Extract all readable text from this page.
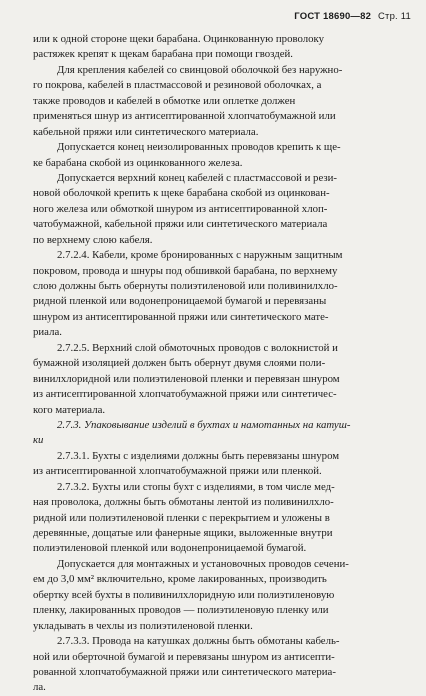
ГОСТ 18690—82 Стр. 11
или к одной стороне щеки барабана. Оцинкованную проволоку
растяжек крепят к щекам барабана при помощи гвоздей.
Для крепления кабелей со свинцовой оболочкой без наружно-
го покрова, кабелей в пластмассовой и резиновой оболочках, а
также проводов и кабелей в обмотке или оплетке должен
применяться шнур из антисептированной хлопчатобумажной или
кабельной пряжи или синтетического материала.
Допускается конец неизолированных проводов крепить к ще-
ке барабана скобой из оцинкованного железа.
Допускается верхний конец кабелей с пластмассовой и рези-
новой оболочкой крепить к щеке барабана скобой из оцинкован-
ного железа или обмоткой шнуром из антисептированной хлоп-
чатобумажной, кабельной пряжи или синтетического материала
по верхнему слою кабеля.
2.7.2.4. Кабели, кроме бронированных с наружным защитным
покровом, провода и шнуры под обшивкой барабана, по верхнему
слою должны быть обернуты полиэтиленовой или поливинилхло-
ридной пленкой или водонепроницаемой бумагой и перевязаны
шнуром из антисептированной пряжи или синтетического мате-
риала.
2.7.2.5. Верхний слой обмоточных проводов с волокнистой и
бумажной изоляцией должен быть обернут двумя слоями поли-
винилхлоридной или полиэтиленовой пленки и перевязан шнуром
из антисептированной хлопчатобумажной пряжи или синтетичес-
кого материала.
2.7.3. Упаковывание изделий в бухтах и намотанных на катуш-
ки
2.7.3.1. Бухты с изделиями должны быть перевязаны шнуром
из антисептированной хлопчатобумажной пряжи или пленкой.
2.7.3.2. Бухты или стопы бухт с изделиями, в том числе мед-
ная проволока, должны быть обмотаны лентой из поливинилхло-
ридной или полиэтиленовой пленки с перекрытием и уложены в
деревянные, дощатые или фанерные ящики, выложенные внутри
полиэтиленовой пленкой или водонепроницаемой бумагой.
Допускается для монтажных и установочных проводов сечени-
ем до 3,0 мм² включительно, кроме лакированных, производить
обертку всей бухты в поливинилхлоридную или полиэтиленовую
пленку, лакированных проводов — полиэтиленовую пленку или
укладывать в чехлы из полиэтиленовой пленки.
2.7.3.3. Провода на катушках должны быть обмотаны кабель-
ной или оберточной бумагой и перевязаны шнуром из антисепти-
рованной хлопчатобумажной пряжи или синтетического материа-
ла.
